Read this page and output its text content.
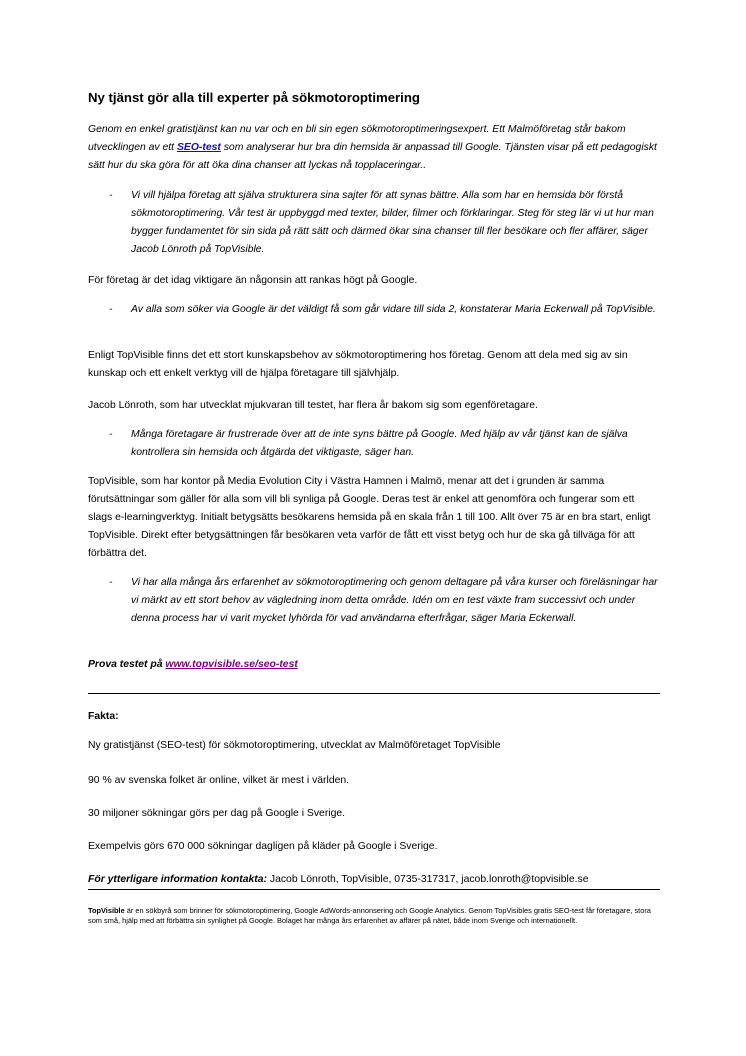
Ny tjänst gör alla till experter på sökmotoroptimering
Genom en enkel gratistjänst kan nu var och en bli sin egen sökmotoroptimeringsexpert. Ett Malmöföretag står bakom utvecklingen av ett SEO-test som analyserar hur bra din hemsida är anpassad till Google. Tjänsten visar på ett pedagogiskt sätt hur du ska göra för att öka dina chanser att lyckas nå topplaceringar..
- Vi vill hjälpa företag att själva strukturera sina sajter för att synas bättre. Alla som har en hemsida bör förstå sökmotoroptimering. Vår test är uppbyggd med texter, bilder, filmer och förklaringar. Steg för steg lär vi ut hur man bygger fundamentet för sin sida på rätt sätt och därmed ökar sina chanser till fler besökare och fler affärer, säger Jacob Lönroth på TopVisible.
För företag är det idag viktigare än någonsin att rankas högt på Google.
- Av alla som söker via Google är det väldigt få som går vidare till sida 2, konstaterar Maria Eckerwall på TopVisible.
Enligt TopVisible finns det ett stort kunskapsbehov av sökmotoroptimering hos företag. Genom att dela med sig av sin kunskap och ett enkelt verktyg vill de hjälpa företagare till självhjälp.
Jacob Lönroth, som har utvecklat mjukvaran till testet, har flera år bakom sig som egenföretagare.
- Många företagare är frustrerade över att de inte syns bättre på Google. Med hjälp av vår tjänst kan de själva kontrollera sin hemsida och åtgärda det viktigaste, säger han.
TopVisible, som har kontor på Media Evolution City i Västra Hamnen i Malmö, menar att det i grunden är samma förutsättningar som gäller för alla som vill bli synliga på Google. Deras test är enkel att genomföra och fungerar som ett slags e-learningverktyg. Initialt betygsätts besökarens hemsida på en skala från 1 till 100. Allt över 75 är en bra start, enligt TopVisible. Direkt efter betygsättningen får besökaren veta varför de fått ett visst betyg och hur de ska gå tillväga för att förbättra det.
- Vi har alla många års erfarenhet av sökmotoroptimering och genom deltagare på våra kurser och föreläsningar har vi märkt av ett stort behov av vägledning inom detta område. Idén om en test växte fram successivt och under denna process har vi varit mycket lyhörda för vad användarna efterfrågar, säger Maria Eckerwall.
Prova testet på www.topvisible.se/seo-test
Fakta:
Ny gratistjänst (SEO-test) för sökmotoroptimering, utvecklat av Malmöföretaget TopVisible
90 % av svenska folket är online, vilket är mest i världen.
30 miljoner sökningar görs per dag på Google i Sverige.
Exempelvis görs 670 000 sökningar dagligen på kläder på Google i Sverige.
För ytterligare information kontakta: Jacob Lönroth, TopVisible, 0735-317317, jacob.lonroth@topvisible.se
TopVisible är en sökbyrå som brinner för sökmotoroptimering, Google AdWords-annonsering och Google Analytics. Genom TopVisibles gratis SEO-test får företagare, stora som små, hjälp med att förbättra sin synlighet på Google. Bolaget har många års erfarenhet av affärer på nätet, både inom Sverige och internationellt.
